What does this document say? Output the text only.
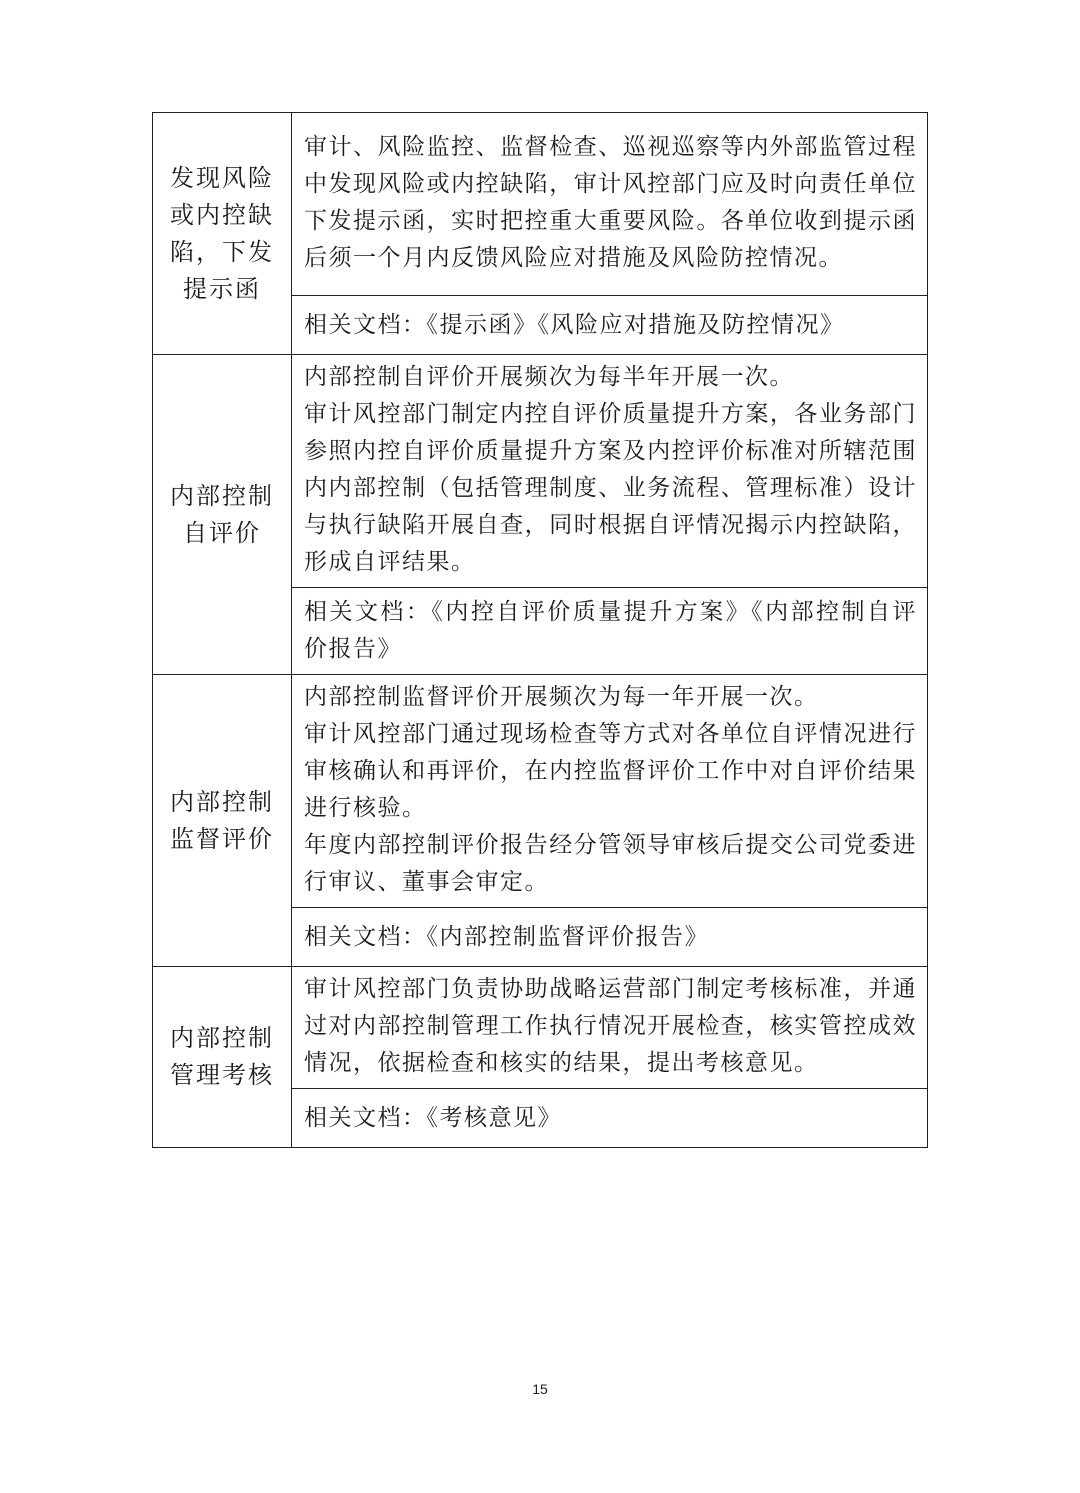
发现风险或内控缺陷，下发提示函	审计、风险监控、监督检查、巡视巡察等内外部监管过程中发现风险或内控缺陷，审计风控部门应及时向责任单位下发提示函，实时把控重大重要风险。各单位收到提示函后须一个月内反馈风险应对措施及风险防控情况。

	相关文档：《提示函》《风险应对措施及防控情况》

内部控制自评价	内部控制自评价开展频次为每半年开展一次。

审计风控部门制定内控自评价质量提升方案，各业务部门参照内控自评价质量提升方案及内控评价标准对所辖范围内内部控制（包括管理制度、业务流程、管理标准）设计与执行缺陷开展自查，同时根据自评情况揭示内控缺陷，形成自评结果。

	相关文档：《内控自评价质量提升方案》《内部控制自评价报告》

内部控制监督评价	内部控制监督评价开展频次为每一年开展一次。

审计风控部门通过现场检查等方式对各单位自评情况进行审核确认和再评价，在内控监督评价工作中对自评价结果进行核验。

年度内部控制评价报告经分管领导审核后提交公司党委进行审议、董事会审定。

	相关文档：《内部控制监督评价报告》

内部控制管理考核	审计风控部门负责协助战略运营部门制定考核标准，并通过对内部控制管理工作执行情况开展检查，核实管控成效情况，依据检查和核实的结果，提出考核意见。

	相关文档：《考核意见》

15
